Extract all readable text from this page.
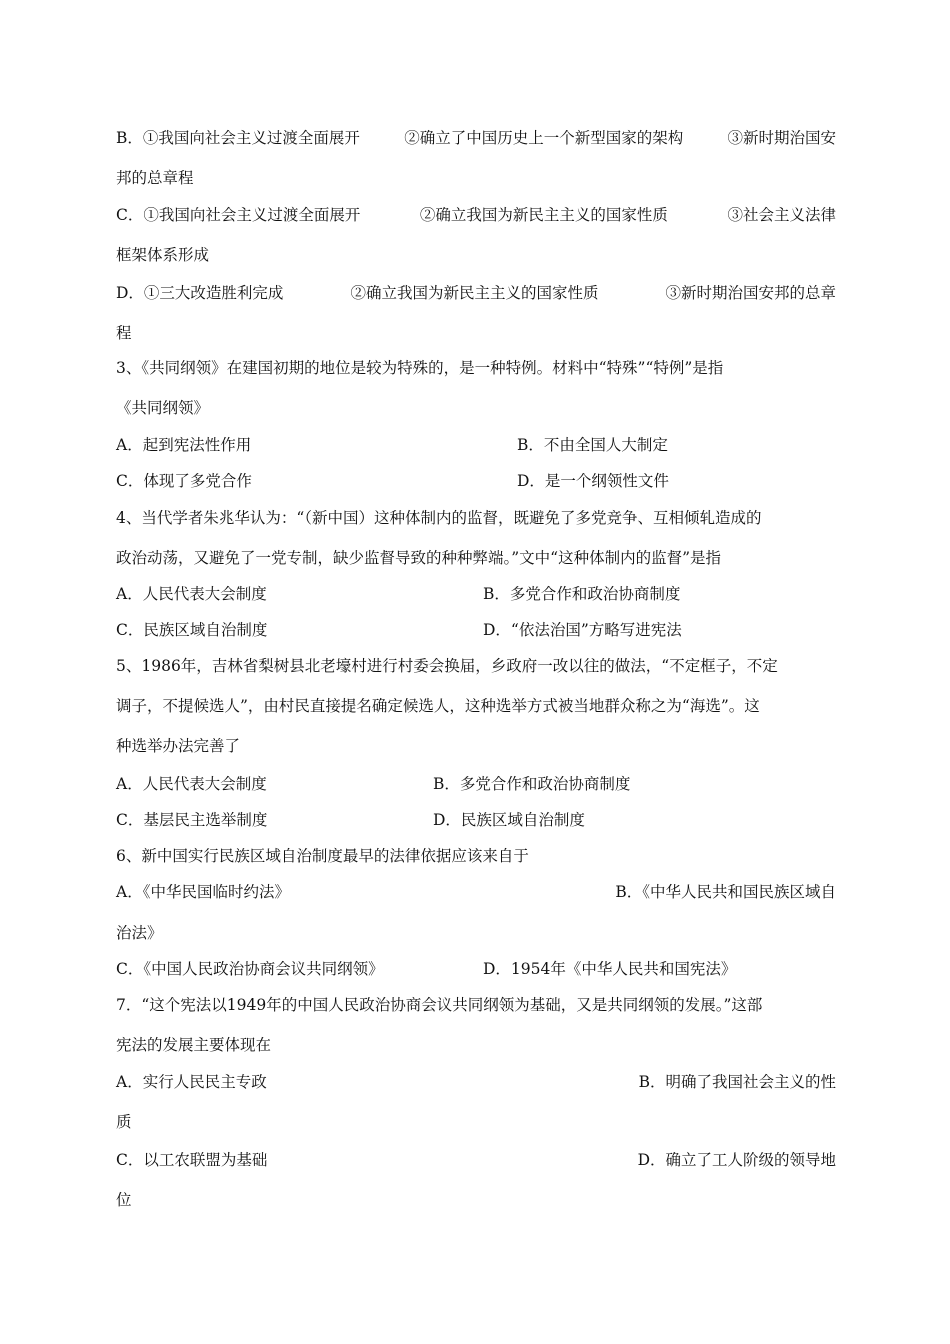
B．①我国向社会主义过渡全面展开	②确立了中国历史上一个新型国家的架构	③新时期治国安
邦的总章程
C．①我国向社会主义过渡全面展开	②确立我国为新民主主义的国家性质	③社会主义法律
框架体系形成
D．①三大改造胜利完成	②确立我国为新民主主义的国家性质	③新时期治国安邦的总章
程
3、《共同纲领》在建国初期的地位是较为特殊的，是一种特例。材料中“特殊”“特例”是指
《共同纲领》
A．起到宪法性作用	B．不由全国人大制定
C．体现了多党合作	D．是一个纲领性文件
4、当代学者朱兆华认为：“（新中国）这种体制内的监督，既避免了多党竞争、互相倾轧造成的
政治动荡，又避免了一党专制，缺少监督导致的种种弊端。”文中“这种体制内的监督”是指
A．人民代表大会制度	B．多党合作和政治协商制度
C．民族区域自治制度	D．“依法治国”方略写进宪法
5、1986年，吉林省梨树县北老壕村进行村委会换届，乡政府一改以往的做法，“不定框子，不定
调子，不提候选人”，由村民直接提名确定候选人，这种选举方式被当地群众称之为“海选”。这
种选举办法完善了
A．人民代表大会制度	B．多党合作和政治协商制度
C．基层民主选举制度	D．民族区域自治制度
6、新中国实行民族区域自治制度最早的法律依据应该来自于
A．《中华民国临时约法》	B．《中华人民共和国民族区域自
治法》
C．《中国人民政治协商会议共同纲领》	D．1954年《中华人民共和国宪法》
7．“这个宪法以1949年的中国人民政治协商会议共同纲领为基础，又是共同纲领的发展。”这部
宪法的发展主要体现在
A．实行人民民主专政	B．明确了我国社会主义的性
质
C．以工农联盟为基础	D．确立了工人阶级的领导地
位
